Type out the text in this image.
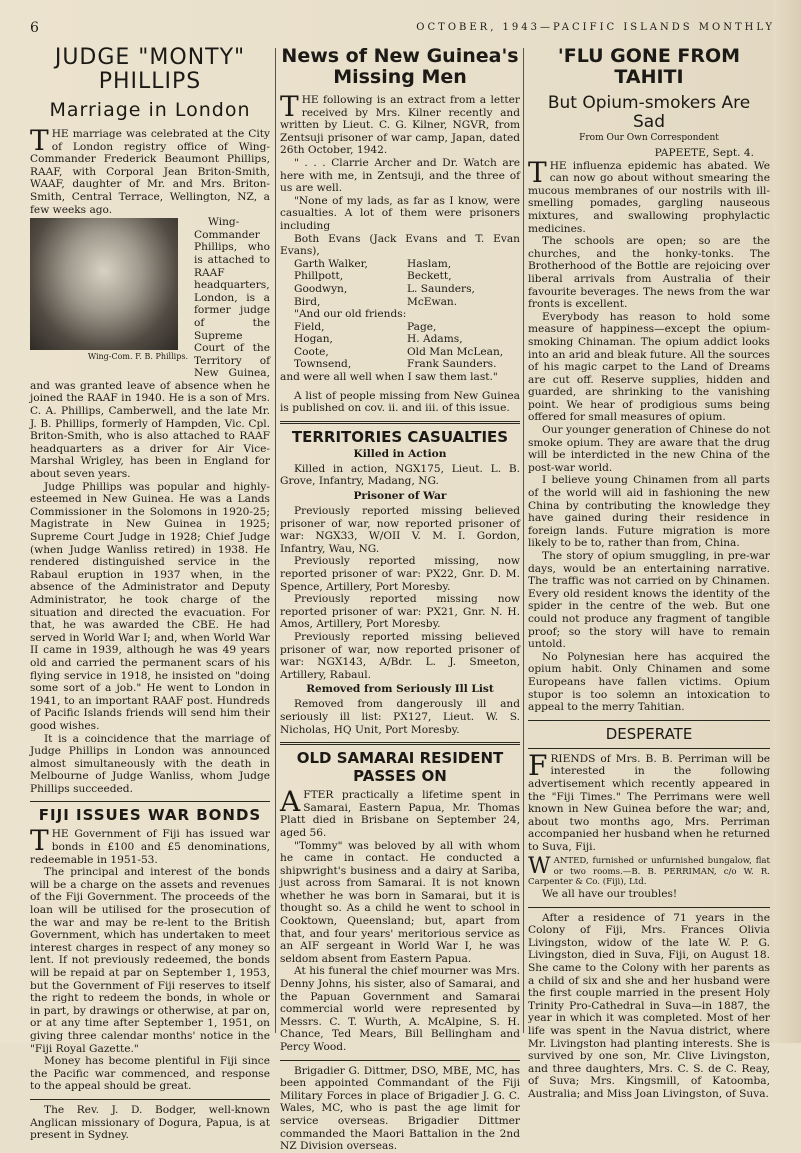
6	OCTOBER, 1943—PACIFIC ISLANDS MONTHLY
JUDGE "MONTY"
PHILLIPS
Marriage in London

THE marriage was celebrated at the City of London registry office of Wing-Commander Frederick Beaumont Phillips, RAAF, with Corporal Jean Briton-Smith, WAAF, daughter of Mr. and Mrs. Briton-Smith, Central Terrace, Wellington, NZ, a few weeks ago.

Wing-Com. F. B. Phillips.

Wing-Commander Phillips, who is attached to RAAF headquarters, London, is a former judge of the Supreme Court of the Territory of New Guinea, and was granted leave of absence when he joined the RAAF in 1940. He is a son of Mrs. C. A. Phillips, Camberwell, and the late Mr. J. B. Phillips, formerly of Hampden, Vic. Cpl. Briton-Smith, who is also attached to RAAF headquarters as a driver for Air Vice-Marshal Wrigley, has been in England for about seven years.

Judge Phillips was popular and highly-esteemed in New Guinea. He was a Lands Commissioner in the Solomons in 1920-25; Magistrate in New Guinea in 1925; Supreme Court Judge in 1928; Chief Judge (when Judge Wanliss retired) in 1938. He rendered distinguished service in the Rabaul eruption in 1937 when, in the absence of the Administrator and Deputy Administrator, he took charge of the situation and directed the evacuation. For that, he was awarded the CBE. He had served in World War I; and, when World War II came in 1939, although he was 49 years old and carried the permanent scars of his flying service in 1918, he insisted on "doing some sort of a job." He went to London in 1941, to an important RAAF post. Hundreds of Pacific Islands friends will send him their good wishes.

It is a coincidence that the marriage of Judge Phillips in London was announced almost simultaneously with the death in Melbourne of Judge Wanliss, whom Judge Phillips succeeded.

FIJI ISSUES WAR BONDS

THE Government of Fiji has issued war bonds in £100 and £5 denominations, redeemable in 1951-53.

The principal and interest of the bonds will be a charge on the assets and revenues of the Fiji Government. The proceeds of the loan will be utilised for the prosecution of the war and may be re-lent to the British Government, which has undertaken to meet interest charges in respect of any money so lent. If not previously redeemed, the bonds will be repaid at par on September 1, 1953, but the Government of Fiji reserves to itself the right to redeem the bonds, in whole or in part, by drawings or otherwise, at par on, or at any time after September 1, 1951, on giving three calendar months' notice in the "Fiji Royal Gazette."

Money has become plentiful in Fiji since the Pacific war commenced, and response to the appeal should be great.

The Rev. J. D. Bodger, well-known Anglican missionary of Dogura, Papua, is at present in Sydney.

News of New Guinea's
Missing Men

THE following is an extract from a letter received by Mrs. Kilner recently and written by Lieut. C. G. Kilner, NGVR, from Zentsuji prisoner of war camp, Japan, dated 26th October, 1942.

" . . . Clarrie Archer and Dr. Watch are here with me, in Zentsuji, and the three of us are well.

"None of my lads, as far as I know, were casualties. A lot of them were prisoners including

Both Evans (Jack Evans and T. Evan Evans),

Garth Walker,	Haslam,
Phillpott,	Beckett,
Goodwyn,	L. Saunders,
Bird,	McEwan.

"And our old friends:

Field,	Page,
Hogan,	H. Adams,
Coote,	Old Man McLean,
Townsend,	Frank Saunders.

and were all well when I saw them last."

A list of people missing from New Guinea is published on cov. ii. and iii. of this issue.

TERRITORIES CASUALTIES
Killed in Action

Killed in action, NGX175, Lieut. L. B. Grove, Infantry, Madang, NG.

Prisoner of War

Previously reported missing believed prisoner of war, now reported prisoner of war: NGX33, W/OII V. M. I. Gordon, Infantry, Wau, NG.

Previously reported missing, now reported prisoner of war: PX22, Gnr. D. M. Spence, Artillery, Port Moresby.

Previously reported missing now reported prisoner of war: PX21, Gnr. N. H. Amos, Artillery, Port Moresby.

Previously reported missing believed prisoner of war, now reported prisoner of war: NGX143, A/Bdr. L. J. Smeeton, Artillery, Rabaul.

Removed from Seriously Ill List

Removed from dangerously ill and seriously ill list: PX127, Lieut. W. S. Nicholas, HQ Unit, Port Moresby.

OLD SAMARAI RESIDENT
PASSES ON

AFTER practically a lifetime spent in Samarai, Eastern Papua, Mr. Thomas Platt died in Brisbane on September 24, aged 56.

"Tommy" was beloved by all with whom he came in contact. He conducted a shipwright's business and a dairy at Sariba, just across from Samarai. It is not known whether he was born in Samarai, but it is thought so. As a child he went to school in Cooktown, Queensland; but, apart from that, and four years' meritorious service as an AIF sergeant in World War I, he was seldom absent from Eastern Papua.

At his funeral the chief mourner was Mrs. Denny Johns, his sister, also of Samarai, and the Papuan Government and Samarai commercial world were represented by Messrs. C. T. Wurth, A. McAlpine, S. H. Chance, Ted Mears, Bill Bellingham and Percy Wood.

Brigadier G. Dittmer, DSO, MBE, MC, has been appointed Commandant of the Fiji Military Forces in place of Brigadier J. G. C. Wales, MC, who is past the age limit for service overseas. Brigadier Dittmer commanded the Maori Battalion in the 2nd NZ Division overseas.

'FLU GONE FROM
TAHITI
But Opium-smokers Are
Sad
From Our Own Correspondent

PAPEETE, Sept. 4.

THE influenza epidemic has abated. We can now go about without smearing the mucous membranes of our nostrils with ill-smelling pomades, gargling nauseous mixtures, and swallowing prophylactic medicines.

The schools are open; so are the churches, and the honky-tonks. The Brotherhood of the Bottle are rejoicing over liberal arrivals from Australia of their favourite beverages. The news from the war fronts is excellent.

Everybody has reason to hold some measure of happiness—except the opium-smoking Chinaman. The opium addict looks into an arid and bleak future. All the sources of his magic carpet to the Land of Dreams are cut off. Reserve supplies, hidden and guarded, are shrinking to the vanishing point. We hear of prodigious sums being offered for small measures of opium.

Our younger generation of Chinese do not smoke opium. They are aware that the drug will be interdicted in the new China of the post-war world.

I believe young Chinamen from all parts of the world will aid in fashioning the new China by contributing the knowledge they have gained during their residence in foreign lands. Future migration is more likely to be to, rather than from, China.

The story of opium smuggling, in pre-war days, would be an entertaining narrative. The traffic was not carried on by Chinamen. Every old resident knows the identity of the spider in the centre of the web. But one could not produce any fragment of tangible proof; so the story will have to remain untold.

No Polynesian here has acquired the opium habit. Only Chinamen and some Europeans have fallen victims. Opium stupor is too solemn an intoxication to appeal to the merry Tahitian.

DESPERATE

FRIENDS of Mrs. B. B. Perriman will be interested in the following advertisement which recently appeared in the "Fiji Times." The Perrimans were well known in New Guinea before the war; and, about two months ago, Mrs. Perriman accompanied her husband when he returned to Suva, Fiji.

WANTED, furnished or unfurnished bungalow, flat or two rooms.—B. B. PERRIMAN, c/o W. R. Carpenter & Co. (Fiji), Ltd.

We all have our troubles!

After a residence of 71 years in the Colony of Fiji, Mrs. Frances Olivia Livingston, widow of the late W. P. G. Livingston, died in Suva, Fiji, on August 18. She came to the Colony with her parents as a child of six and she and her husband were the first couple married in the present Holy Trinity Pro-Cathedral in Suva—in 1887, the year in which it was completed. Most of her life was spent in the Navua district, where Mr. Livingston had planting interests. She is survived by one son, Mr. Clive Livingston, and three daughters, Mrs. C. S. de C. Reay, of Suva; Mrs. Kingsmill, of Katoomba, Australia; and Miss Joan Livingston, of Suva.
